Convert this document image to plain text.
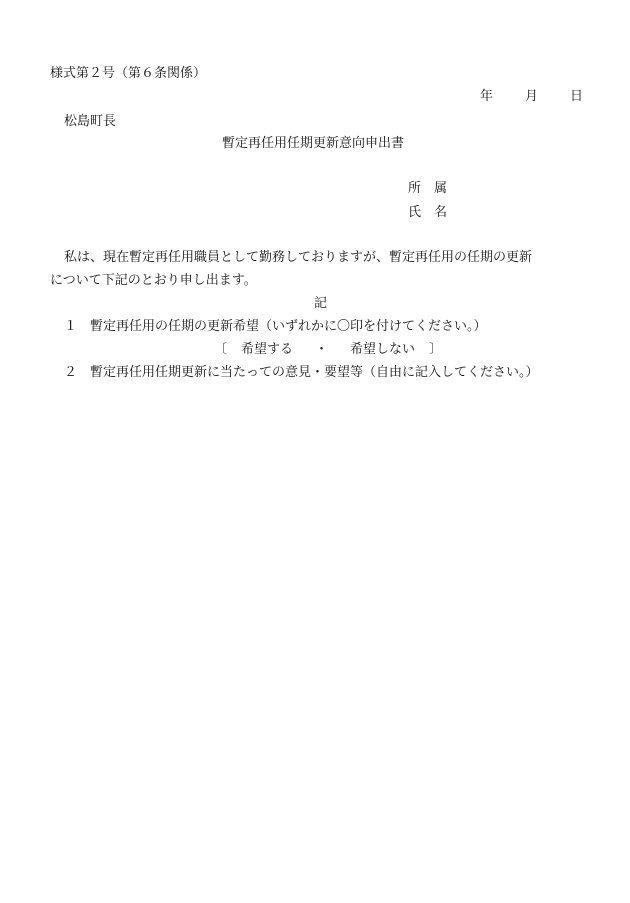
様式第２号（第６条関係）
年 月 日
松島町長
暫定再任用任期更新意向申出書
所　属
氏　名
私は、現在暫定再任用職員として勤務しておりますが、暫定再任用の任期の更新
について下記のとおり申し出ます。
記
１ 暫定再任用の任期の更新希望（いずれかに〇印を付けてください。）
〔 希望する ・ 希望しない 〕
２ 暫定再任用任期更新に当たっての意見・要望等（自由に記入してください。）
